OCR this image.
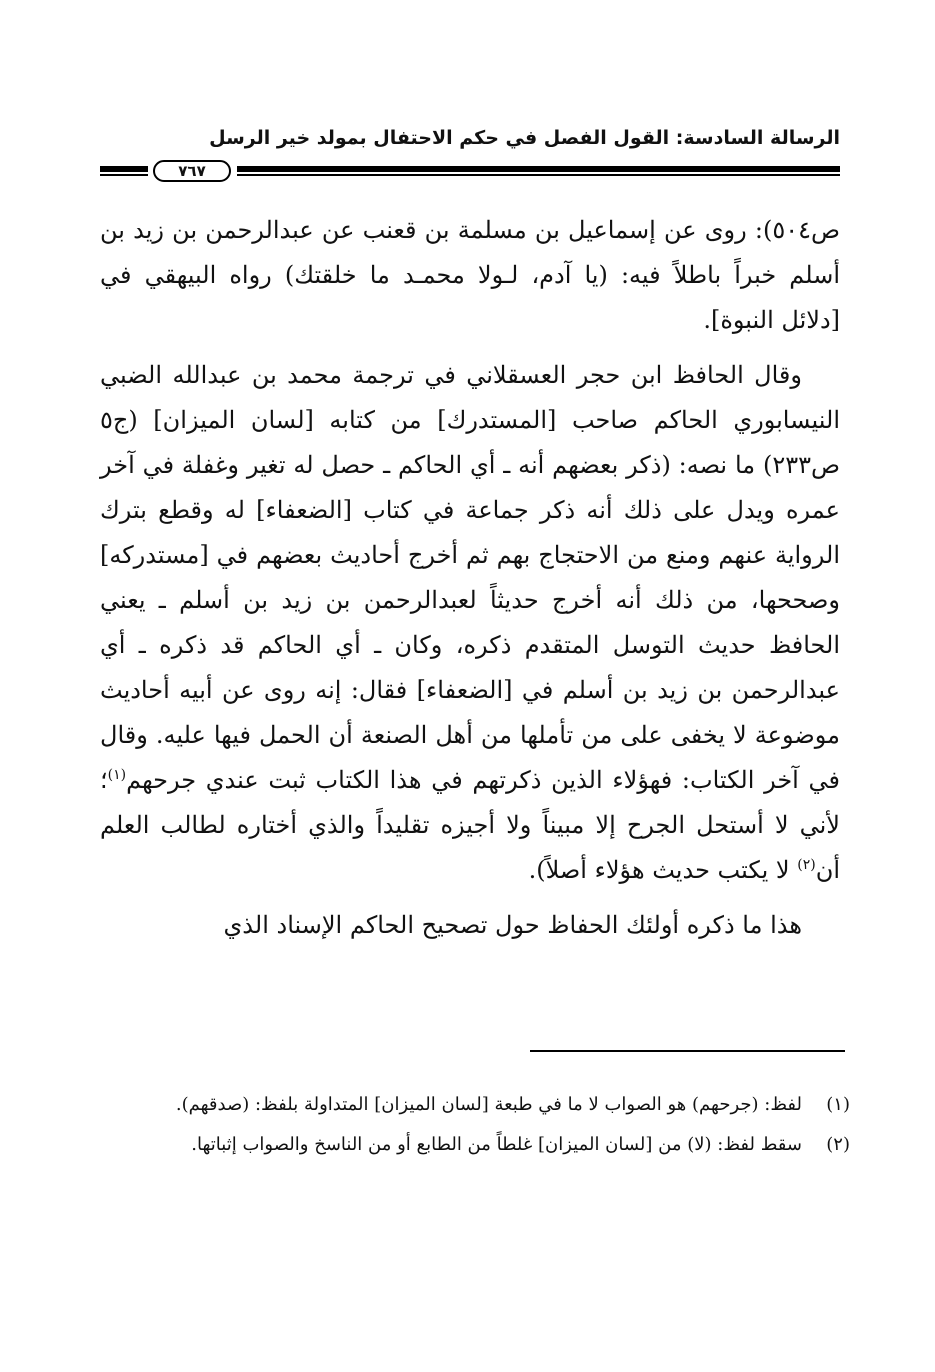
الرسالة السادسة: القول الفصل في حكم الاحتفال بمولد خير الرسل
٧٦٧

ص٥٠٤): روى عن إسماعيل بن مسلمة بن قعنب عن عبدالرحمن بن زيد بن أسلم خبراً باطلاً فيه: (يا آدم، لـولا محمـد ما خلقتك) رواه البيهقي في [دلائل النبوة].

وقال الحافظ ابن حجر العسقلاني في ترجمة محمد بن عبدالله الضبي النيسابوري الحاكم صاحب [المستدرك] من كتابه [لسان الميزان] (ج٥ ص٢٣٣) ما نصه: (ذكر بعضهم أنه ـ أي الحاكم ـ حصل له تغير وغفلة في آخر عمره ويدل على ذلك أنه ذكر جماعة في كتاب [الضعفاء] له وقطع بترك الرواية عنهم ومنع من الاحتجاج بهم ثم أخرج أحاديث بعضهم في [مستدركه] وصححها، من ذلك أنه أخرج حديثاً لعبدالرحمن بن زيد بن أسلم ـ يعني الحافظ حديث التوسل المتقدم ذكره، وكان ـ أي الحاكم قد ذكره ـ أي عبدالرحمن بن زيد بن أسلم في [الضعفاء] فقال: إنه روى عن أبيه أحاديث موضوعة لا يخفى على من تأملها من أهل الصنعة أن الحمل فيها عليه. وقال في آخر الكتاب: فهؤلاء الذين ذكرتهم في هذا الكتاب ثبت عندي جرحهم$^{(١)}$؛ لأني لا أستحل الجرح إلا مبيناً ولا أجيزه تقليداً والذي أختاره لطالب العلم أن$^{(٢)}$ لا يكتب حديث هؤلاء أصلاً).

هذا ما ذكره أولئك الحفاظ حول تصحيح الحاكم الإسناد الذي

(١)
لفظ: (جرحهم) هو الصواب لا ما في طبعة [لسان الميزان] المتداولة بلفظ: (صدقهم).
(٢)
سقط لفظ: (لا) من [لسان الميزان] غلطاً من الطابع أو من الناسخ والصواب إثباتها.
